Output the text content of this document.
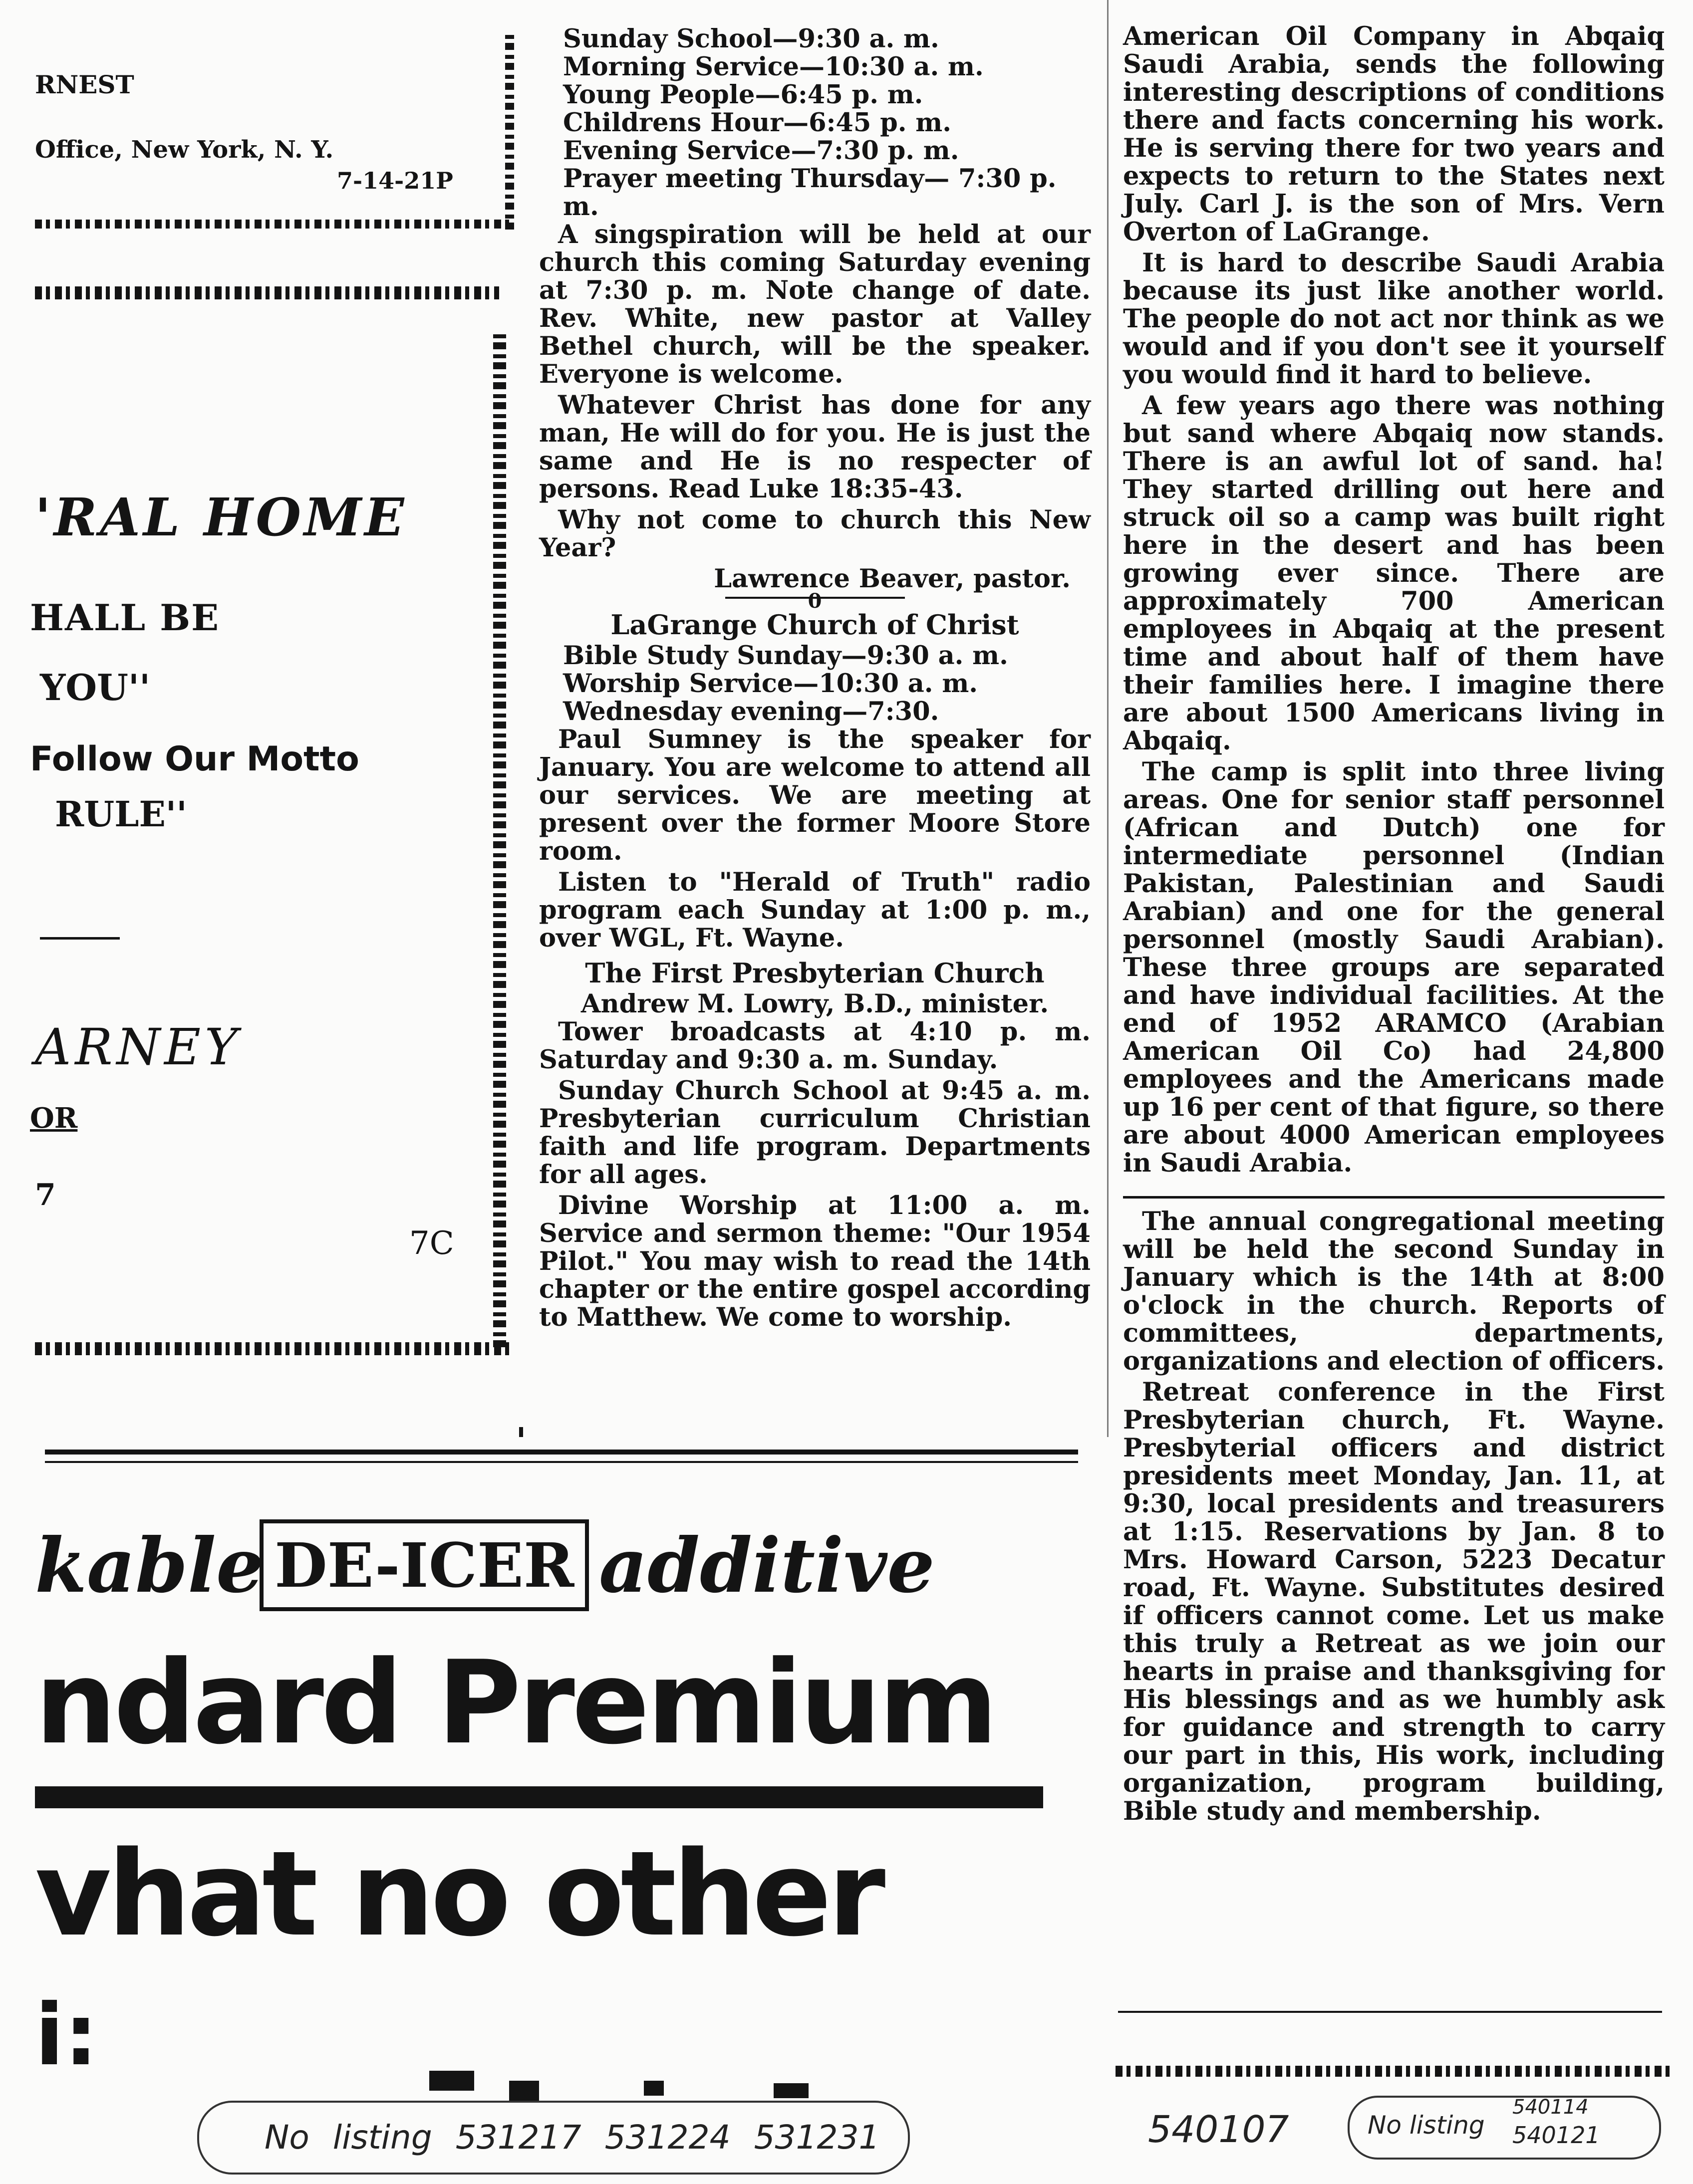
RNEST
Office, New York, N. Y.
7-14-21P
'RAL HOME
HALL BE
YOU''
Follow Our Motto
RULE''
ARNEY
OR
7
7C
Sunday School—9:30 a. m.
Morning Service—10:30 a. m.
Young People—6:45 p. m.
Childrens Hour—6:45 p. m.
Evening Service—7:30 p. m.
Prayer meeting Thursday— 7:30 p. m.

A singspiration will be held at our church this coming Saturday evening at 7:30 p. m. Note change of date. Rev. White, new pastor at Valley Bethel church, will be the speaker. Everyone is welcome.

Whatever Christ has done for any man, He will do for you. He is just the same and He is no respecter of persons. Read Luke 18:35-43.

Why not come to church this New Year?

Lawrence Beaver, pastor.

0
LaGrange Church of Christ
Bible Study Sunday—9:30 a. m.
Worship Service—10:30 a. m.
Wednesday evening—7:30.

Paul Sumney is the speaker for January. You are welcome to attend all our services. We are meeting at present over the former Moore Store room.

Listen to "Herald of Truth" radio program each Sunday at 1:00 p. m., over WGL, Ft. Wayne.

The First Presbyterian Church
Andrew M. Lowry, B.D., minister.

Tower broadcasts at 4:10 p. m. Saturday and 9:30 a. m. Sunday.

Sunday Church School at 9:45 a. m. Presbyterian curriculum Christian faith and life program. Departments for all ages.

Divine Worship at 11:00 a. m. Service and sermon theme: "Our 1954 Pilot." You may wish to read the 14th chapter or the entire gospel according to Matthew. We come to worship.

American Oil Company in Abqaiq Saudi Arabia, sends the following interesting descriptions of conditions there and facts concerning his work. He is serving there for two years and expects to return to the States next July. Carl J. is the son of Mrs. Vern Overton of LaGrange.

It is hard to describe Saudi Arabia because its just like another world. The people do not act nor think as we would and if you don't see it yourself you would find it hard to believe.

A few years ago there was nothing but sand where Abqaiq now stands. There is an awful lot of sand. ha! They started drilling out here and struck oil so a camp was built right here in the desert and has been growing ever since. There are approximately 700 American employees in Abqaiq at the present time and about half of them have their families here. I imagine there are about 1500 Americans living in Abqaiq.

The camp is split into three living areas. One for senior staff personnel (African and Dutch) one for intermediate personnel (Indian Pakistan, Palestinian and Saudi Arabian) and one for the general personnel (mostly Saudi Arabian). These three groups are separated and have individual facilities. At the end of 1952 ARAMCO (Arabian American Oil Co) had 24,800 employees and the Americans made up 16 per cent of that figure, so there are about 4000 American employees in Saudi Arabia.

The annual congregational meeting will be held the second Sunday in January which is the 14th at 8:00 o'clock in the church. Reports of committees, departments, organizations and election of officers.

Retreat conference in the First Presbyterian church, Ft. Wayne. Presbyterial officers and district presidents meet Monday, Jan. 11, at 9:30, local presidents and treasurers at 1:15. Reservations by Jan. 8 to Mrs. Howard Carson, 5223 Decatur road, Ft. Wayne. Substitutes desired if officers cannot come. Let us make this truly a Retreat as we join our hearts in praise and thanksgiving for His blessings and as we humbly ask for guidance and strength to carry our part in this, His work, including organization, program building, Bible study and membership.

kable DE-ICER additive
ndard Premium
vhat no other
i:
No listing 531217 531224 531231	540107	No listing
540114
540121
